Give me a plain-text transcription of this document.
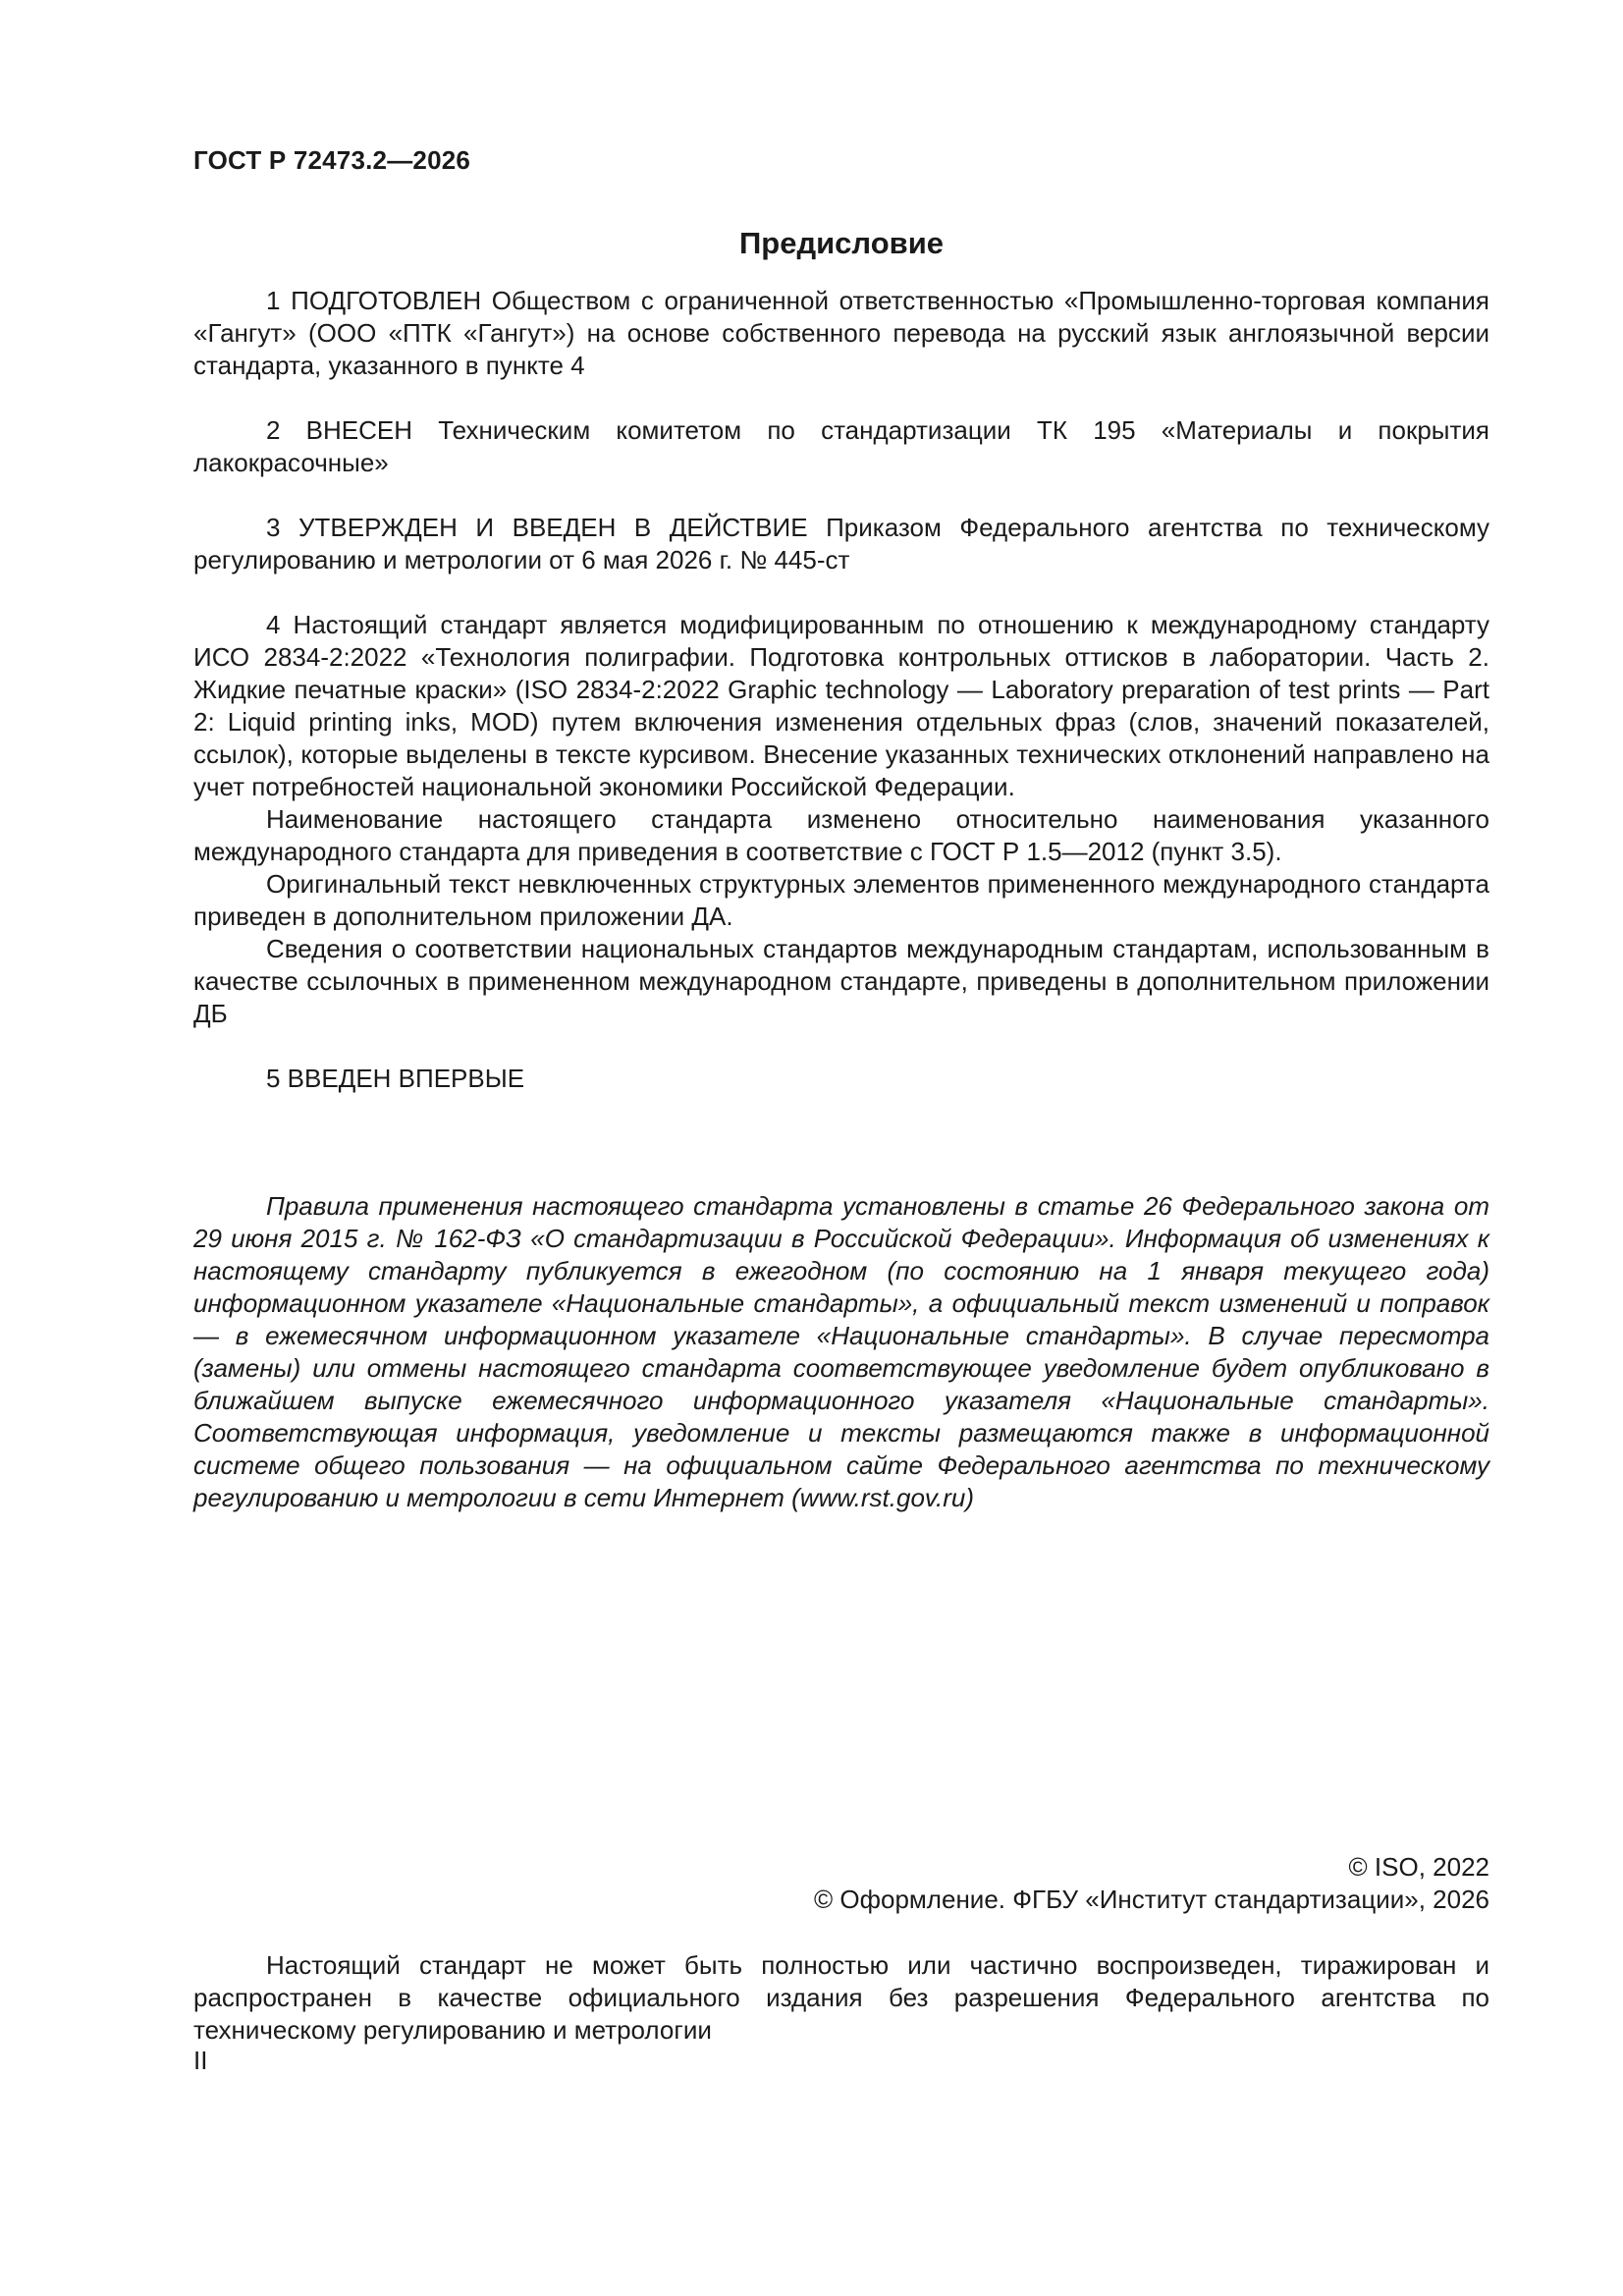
ГОСТ Р 72473.2—2026
Предисловие

1 ПОДГОТОВЛЕН Обществом с ограниченной ответственностью «Промышленно-торговая компания «Гангут» (ООО «ПТК «Гангут») на основе собственного перевода на русский язык англоязычной версии стандарта, указанного в пункте 4

2 ВНЕСЕН Техническим комитетом по стандартизации ТК 195 «Материалы и покрытия лакокрасочные»

3 УТВЕРЖДЕН И ВВЕДЕН В ДЕЙСТВИЕ Приказом Федерального агентства по техническому регулированию и метрологии от 6 мая 2026 г. № 445-ст

4 Настоящий стандарт является модифицированным по отношению к международному стандарту ИСО 2834-2:2022 «Технология полиграфии. Подготовка контрольных оттисков в лаборатории. Часть 2. Жидкие печатные краски» (ISO 2834-2:2022 Graphic technology — Laboratory preparation of test prints — Part 2: Liquid printing inks, MOD) путем включения изменения отдельных фраз (слов, значений показателей, ссылок), которые выделены в тексте курсивом. Внесение указанных технических отклонений направлено на учет потребностей национальной экономики Российской Федерации.

Наименование настоящего стандарта изменено относительно наименования указанного международного стандарта для приведения в соответствие с ГОСТ Р 1.5—2012 (пункт 3.5).

Оригинальный текст невключенных структурных элементов примененного международного стандарта приведен в дополнительном приложении ДА.

Сведения о соответствии национальных стандартов международным стандартам, использованным в качестве ссылочных в примененном международном стандарте, приведены в дополнительном приложении ДБ

5 ВВЕДЕН ВПЕРВЫЕ

Правила применения настоящего стандарта установлены в статье 26 Федерального закона от 29 июня 2015 г. № 162-ФЗ «О стандартизации в Российской Федерации». Информация об изменениях к настоящему стандарту публикуется в ежегодном (по состоянию на 1 января текущего года) информационном указателе «Национальные стандарты», а официальный текст изменений и поправок — в ежемесячном информационном указателе «Национальные стандарты». В случае пересмотра (замены) или отмены настоящего стандарта соответствующее уведомление будет опубликовано в ближайшем выпуске ежемесячного информационного указателя «Национальные стандарты». Соответствующая информация, уведомление и тексты размещаются также в информационной системе общего пользования — на официальном сайте Федерального агентства по техническому регулированию и метрологии в сети Интернет (www.rst.gov.ru)

© ISO, 2022
© Оформление. ФГБУ «Институт стандартизации», 2026

Настоящий стандарт не может быть полностью или частично воспроизведен, тиражирован и распространен в качестве официального издания без разрешения Федерального агентства по техническому регулированию и метрологии

II
